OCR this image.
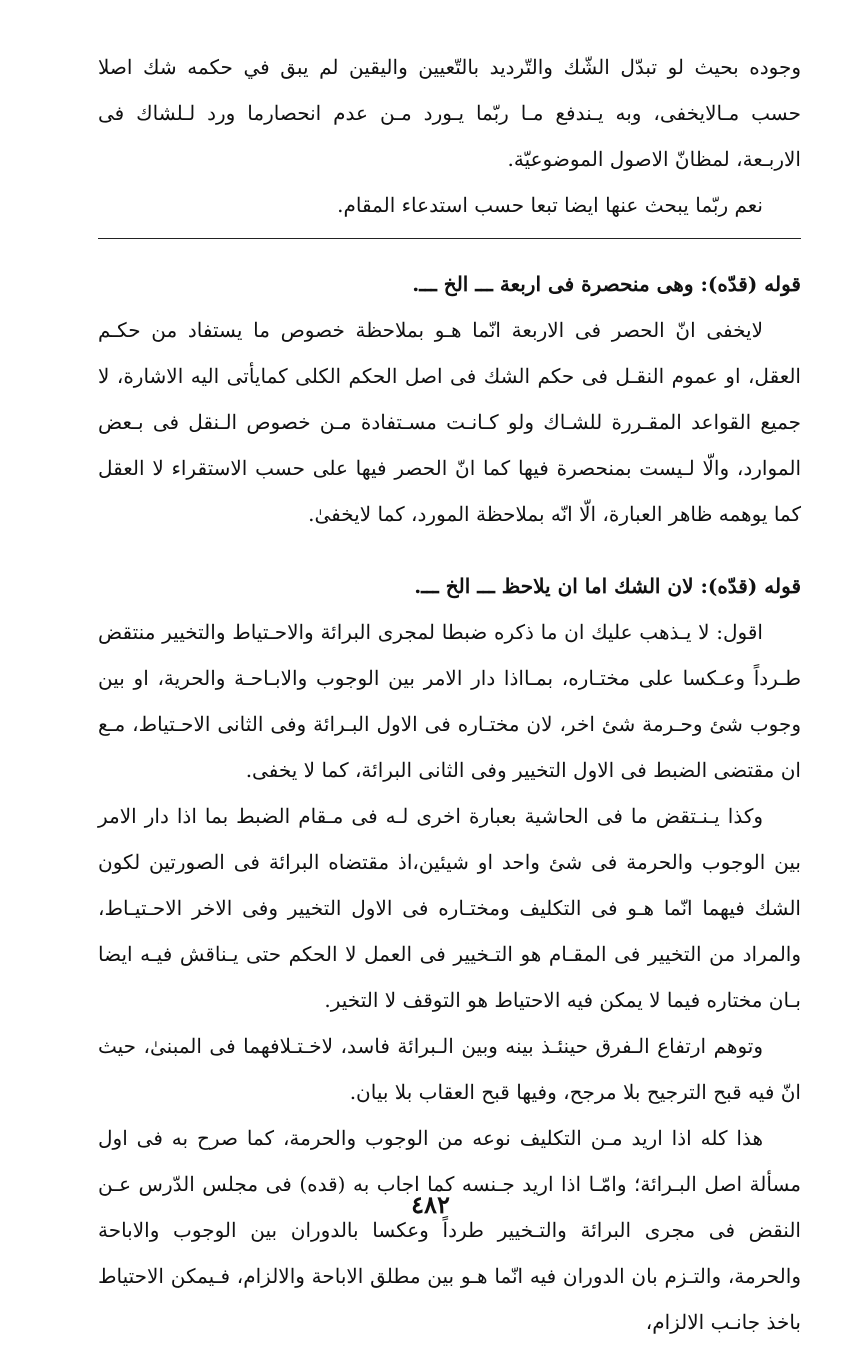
وجوده بحيث لو تبدّل الشّك والتّرديد بالتّعيين واليقين لم يبق في حكمه شك اصلا حسب مـالايخفى، وبه يـندفع مـا ربّما يـورد مـن عدم انحصارما ورد لـلشاك فى الاربـعة، لمظانّ الاصول الموضوعيّة.

نعم ربّما يبحث عنها ايضا تبعا حسب استدعاء المقام.

قوله (قدّه): وهى منحصرة فى اربعة ـــ الخ ـــ.

لايخفى انّ الحصر فى الاربعة انّما هـو بملاحظة خصوص ما يستفاد من حكـم العقل، او عموم النقـل فى حكم الشك فى اصل الحكم الكلى كمايأتى اليه الاشارة، لا جميع القواعد المقـررة للشـاك ولو كـانـت مسـتفادة مـن خصوص الـنقل فى بـعض الموارد، والّا لـيست بمنحصرة فيها كما انّ الحصر فيها على حسب الاستقراء لا العقل كما يوهمه ظاهر العبارة، الّا انّه بملاحظة المورد، كما لايخفىٰ.

قوله (قدّه): لان الشك اما ان يلاحظ ـــ الخ ـــ.

اقول: لا يـذهب عليك ان ما ذكره ضبطا لمجرى البرائة والاحـتياط والتخيير منتقض طـرداً وعـكسا على مختـاره، بمـااذا دار الامر بين الوجوب والابـاحـة والحرية، او بين وجوب شئ وحـرمة شئ اخر، لان مختـاره فى الاول البـرائة وفى الثانى الاحـتياط، مـع ان مقتضى الضبط فى الاول التخيير وفى الثانى البرائة، كما لا يخفى.

وكذا يـنـتقض ما فى الحاشية بعبارة اخرى لـه فى مـقام الضبط بما اذا دار الامر بين الوجوب والحرمة فى شئ واحد او شيئين،اذ مقتضاه البرائة فى الصورتين لكون الشك فيهما انّما هـو فى التكليف ومختـاره فى الاول التخيير وفى الاخر الاحـتيـاط، والمراد من التخيير فى المقـام هو التـخيير فى العمل لا الحكم حتى يـناقش فيـه ايضا بـان مختاره فيما لا يمكن فيه الاحتياط هو التوقف لا التخير.

وتوهم ارتفاع الـفرق حينئـذ بينه وبين الـبرائة فاسد، لاخـتـلافهما فى المبنىٰ، حيث انّ فيه قبح الترجيح بلا مرجح، وفيها قبح العقاب بلا بيان.

هذا كله اذا اريد مـن التكليف نوعه من الوجوب والحرمة، كما صرح به فى اول مسألة اصل البـرائة؛ وامّـا اذا اريد جـنسه كما اجاب به (قده) فى مجلس الدّرس عـن النقض فى مجرى البرائة والتـخيير طرداً وعكسا بالدوران بين الوجوب والاباحة والحرمة، والتـزم بان الدوران فيه انّما هـو بين مطلق الاباحة والالزام، فـيمكن الاحتياط باخذ جانـب الالزام،

٤٨٢
